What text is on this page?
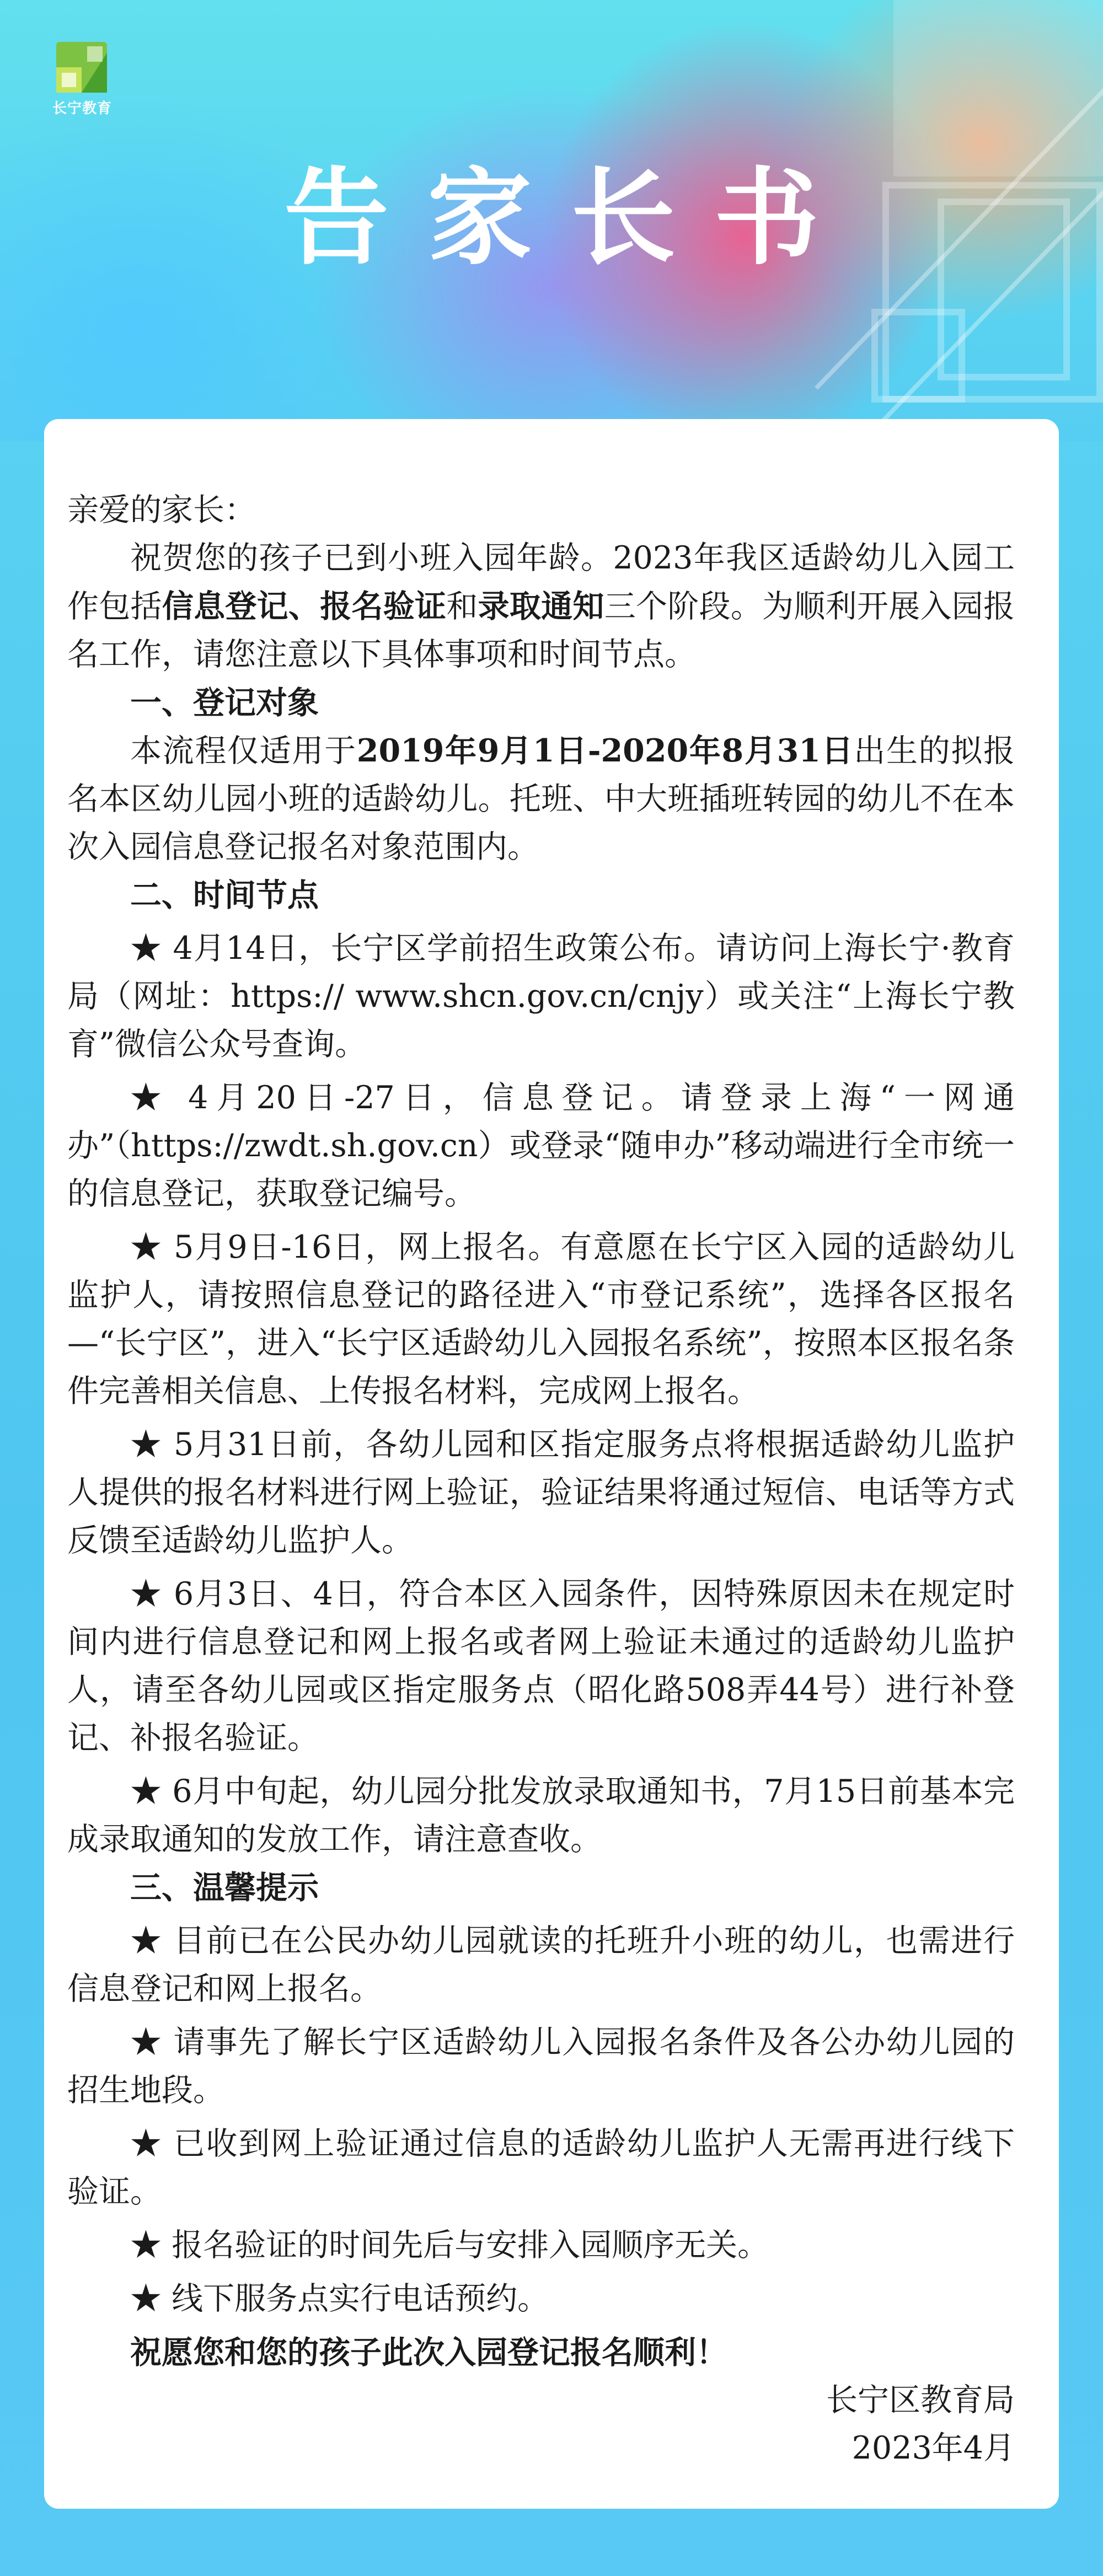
长宁教育
告家长书

亲爱的家长：

祝贺您的孩子已到小班入园年龄。2023年我区适龄幼儿入园工作包括信息登记、报名验证和录取通知三个阶段。为顺利开展入园报名工作，请您注意以下具体事项和时间节点。

一、登记对象

本流程仅适用于2019年9月1日-2020年8月31日出生的拟报名本区幼儿园小班的适龄幼儿。托班、中大班插班转园的幼儿不在本次入园信息登记报名对象范围内。

二、时间节点

★ 4月14日，长宁区学前招生政策公布。请访问上海长宁·教育局（网址：https:// www.shcn.gov.cn/cnjy）或关注“上海长宁教育”微信公众号查询。

★ 4月20日-27日，信息登记。请登录上海“一网通办”（https://zwdt.sh.gov.cn）或登录“随申办”移动端进行全市统一的信息登记，获取登记编号。

★ 5月9日-16日，网上报名。有意愿在长宁区入园的适龄幼儿监护人，请按照信息登记的路径进入“市登记系统”，选择各区报名—“长宁区”，进入“长宁区适龄幼儿入园报名系统”，按照本区报名条件完善相关信息、上传报名材料，完成网上报名。

★ 5月31日前，各幼儿园和区指定服务点将根据适龄幼儿监护人提供的报名材料进行网上验证，验证结果将通过短信、电话等方式反馈至适龄幼儿监护人。

★ 6月3日、4日，符合本区入园条件，因特殊原因未在规定时间内进行信息登记和网上报名或者网上验证未通过的适龄幼儿监护人，请至各幼儿园或区指定服务点（昭化路508弄44号）进行补登记、补报名验证。

★ 6月中旬起，幼儿园分批发放录取通知书，7月15日前基本完成录取通知的发放工作，请注意查收。

三、温馨提示

★ 目前已在公民办幼儿园就读的托班升小班的幼儿，也需进行信息登记和网上报名。

★ 请事先了解长宁区适龄幼儿入园报名条件及各公办幼儿园的招生地段。

★ 已收到网上验证通过信息的适龄幼儿监护人无需再进行线下验证。

★ 报名验证的时间先后与安排入园顺序无关。

★ 线下服务点实行电话预约。

祝愿您和您的孩子此次入园登记报名顺利！

长宁区教育局

2023年4月
